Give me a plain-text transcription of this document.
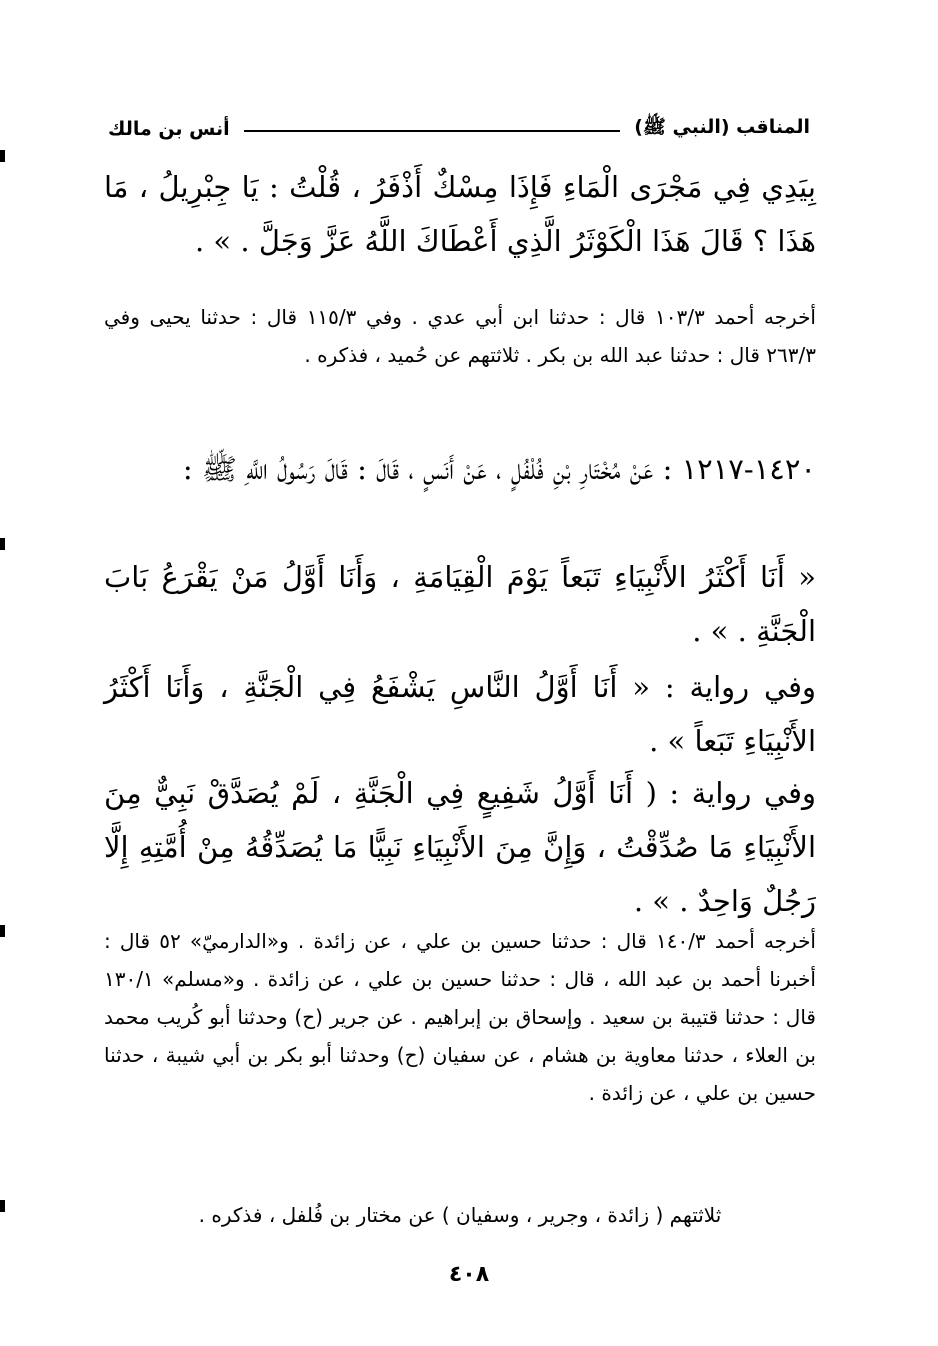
المناقب (النبي ﷺ)
أنس بن مالك

بِيَدِي فِي مَجْرَى الْمَاءِ فَإِذَا مِسْكٌ أَذْفَرُ ، قُلْتُ : يَا جِبْرِيلُ ، مَا هَذَا ؟ قَالَ هَذَا الْكَوْثَرُ الَّذِي أَعْطَاكَ اللَّهُ عَزَّ وَجَلَّ . » .

أخرجه أحمد ١٠٣/٣ قال : حدثنا ابن أبي عدي . وفي ١١٥/٣ قال : حدثنا يحيى وفي ٢٦٣/٣ قال : حدثنا عبد الله بن بكر . ثلاثتهم عن حُميد ، فذكره .

١٤٢٠-١٢١٧ : عَنْ مُخْتَارِ بْنِ فُلْفُلٍ ، عَنْ أَنَسٍ ، قَالَ : قَالَ رَسُولُ اللَّهِ ﷺ :

« أَنَا أَكْثَرُ الأَنْبِيَاءِ تَبَعاً يَوْمَ الْقِيَامَةِ ، وَأَنَا أَوَّلُ مَنْ يَقْرَعُ بَابَ الْجَنَّةِ . » .

وفي رواية : « أَنَا أَوَّلُ النَّاسِ يَشْفَعُ فِي الْجَنَّةِ ، وَأَنَا أَكْثَرُ الأَنْبِيَاءِ تَبَعاً » .

وفي رواية : ( أَنَا أَوَّلُ شَفِيعٍ فِي الْجَنَّةِ ، لَمْ يُصَدَّقْ نَبِيٌّ مِنَ الأَنْبِيَاءِ مَا صُدِّقْتُ ، وَإِنَّ مِنَ الأَنْبِيَاءِ نَبِيًّا مَا يُصَدِّقُهُ مِنْ أُمَّتِهِ إِلَّا رَجُلٌ وَاحِدٌ . » .

أخرجه أحمد ١٤٠/٣ قال : حدثنا حسين بن علي ، عن زائدة . و«الدارميّ» ٥٢ قال : أخبرنا أحمد بن عبد الله ، قال : حدثنا حسين بن علي ، عن زائدة . و«مسلم» ١٣٠/١ قال : حدثنا قتيبة بن سعيد . وإسحاق بن إبراهيم . عن جرير (ح) وحدثنا أبو كُريب محمد بن العلاء ، حدثنا معاوية بن هشام ، عن سفيان (ح) وحدثنا أبو بكر بن أبي شيبة ، حدثنا حسين بن علي ، عن زائدة .

ثلاثتهم ( زائدة ، وجرير ، وسفيان ) عن مختار بن فُلفل ، فذكره .

٤٠٨
